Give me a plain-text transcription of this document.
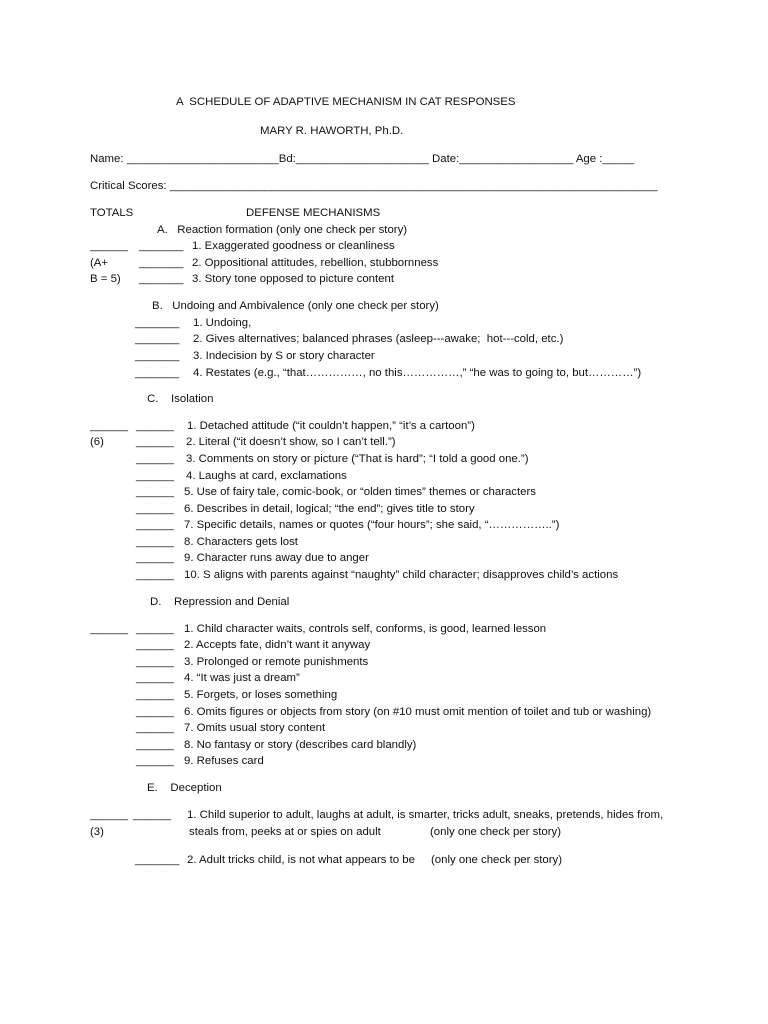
A  SCHEDULE OF ADAPTIVE MECHANISM IN CAT RESPONSES
MARY R. HAWORTH, Ph.D.
Name: ________________________Bd:_____________________ Date:__________________ Age :_____
Critical Scores: _____________________________________________________________________________
TOTALS	DEFENSE MECHANISMS
A.   Reaction formation (only one check per story)
______
(A+
B = 5)
_______
_______
_______
1. Exaggerated goodness or cleanliness
2. Oppositional attitudes, rebellion, stubbornness
3. Story tone opposed to picture content
B.   Undoing and Ambivalence (only one check per story)
_______
_______
_______
_______
1. Undoing,
2. Gives alternatives; balanced phrases (asleep---awake;  hot---cold, etc.)
3. Indecision by S or story character
4. Restates (e.g., “that……………, no this……………,” “he was to going to, but…………”)
C.    Isolation
______
(6)
______
______
______
______
______
______
______
______
______
______
1. Detached attitude (“it couldn’t happen,” “it’s a cartoon”)
2. Literal (“it doesn’t show, so I can’t tell.”)
3. Comments on story or picture (“That is hard”; “I told a good one.”)
4. Laughs at card, exclamations
5. Use of fairy tale, comic-book, or “olden times” themes or characters
6. Describes in detail, logical; “the end”; gives title to story
7. Specific details, names or quotes (“four hours”; she said, “……………..”)
8. Characters gets lost
9. Character runs away due to anger
10. S aligns with parents against “naughty” child character; disapproves child’s actions
D.    Repression and Denial
______ ______
______
______
______
______
______
______
______
______
1. Child character waits, controls self, conforms, is good, learned lesson
2. Accepts fate, didn’t want it anyway
3. Prolonged or remote punishments
4. “It was just a dream”
5. Forgets, or loses something
6. Omits figures or objects from story (on #10 must omit mention of toilet and tub or washing)
7. Omits usual story content
8. No fantasy or story (describes card blandly)
9. Refuses card
E.    Deception
______
(3)
______ 1. Child superior to adult, laughs at adult, is smarter, tricks adult, sneaks, pretends, hides from,
steals from, peeks at or spies on adult	(only one check per story)
_______ 2. Adult tricks child, is not what appears to be (only one check per story)
